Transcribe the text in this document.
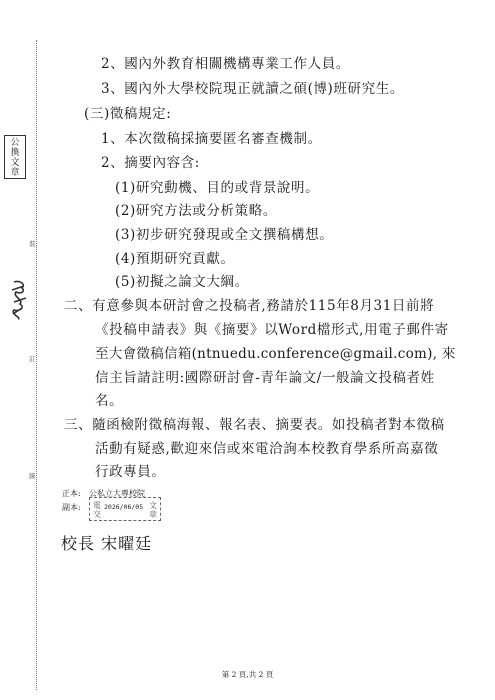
裝
訂
線
公
換
文
章
2、國內外教育相關機構專業工作人員。
3、國內外大學校院現正就讀之碩(博)班研究生。
(三)徵稿規定:
1、本次徵稿採摘要匿名審查機制。
2、摘要內容含:
(1)研究動機、目的或背景說明。
(2)研究方法或分析策略。
(3)初步研究發現或全文撰稿構想。
(4)預期研究貢獻。
(5)初擬之論文大綱。
二、有意參與本研討會之投稿者,務請於115年8月31日前將
《投稿申請表》與《摘要》以Word檔形式,用電子郵件寄
至大會徵稿信箱(ntnuedu.conference@gmail.com), 來
信主旨請註明:國際研討會-青年論文/一般論文投稿者姓
名。
三、隨函檢附徵稿海報、報名表、摘要表。如投稿者對本徵稿
活動有疑惑,歡迎來信或來電洽詢本校教育學系所高嘉徵
行政專員。
正本: 公私立大專校院
副本: 電
交
文
章
2026/06/05
校長 宋曜廷
第 2 頁,共 2 頁
